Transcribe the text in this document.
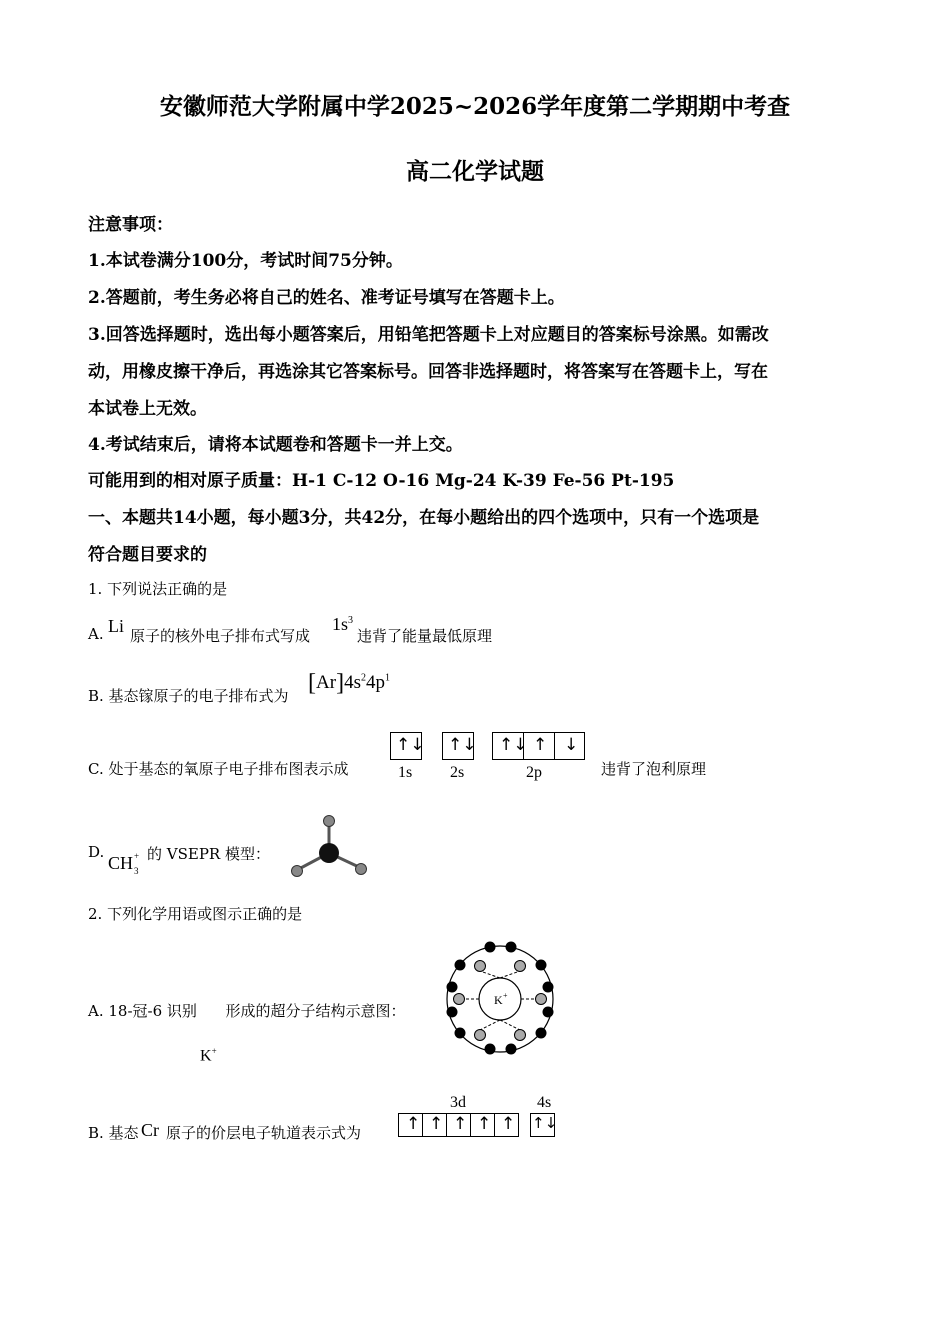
安徽师范大学附属中学2025~2026学年度第二学期期中考查
高二化学试题
注意事项：
1.本试卷满分100分，考试时间75分钟。
2.答题前，考生务必将自己的姓名、准考证号填写在答题卡上。
3.回答选择题时，选出每小题答案后，用铅笔把答题卡上对应题目的答案标号涂黑。如需改
动，用橡皮擦干净后，再选涂其它答案标号。回答非选择题时，将答案写在答题卡上，写在
本试卷上无效。
4.考试结束后，请将本试题卷和答题卡一并上交。
可能用到的相对原子质量：H-1 C-12 O-16 Mg-24 K-39 Fe-56 Pt-195
一、本题共14小题，每小题3分，共42分，在每小题给出的四个选项中，只有一个选项是
符合题目要求的
1. 下列说法正确的是
A. Li 原子的核外电子排布式写成
$1s^3$
违背了能量最低原理
B. 基态镓原子的电子排布式为 $[Ar]4s^24p^1$
C. 处于基态的氧原子电子排布图表示成
↑↓ ↑↓ ↑↓ ↑ ↓
1s 2s	2p	违背了泡利原理
D.
CH +
3
的 VSEPR 模型：
2. 下列化学用语或图示正确的是
A. 18-冠-6 识别      形成的超分子结构示意图：
K+
K +
B. 基态 Cr 原子的价层电子轨道表示式为
3d	4s
↑ ↑ ↑ ↑ ↑ ↑↓
